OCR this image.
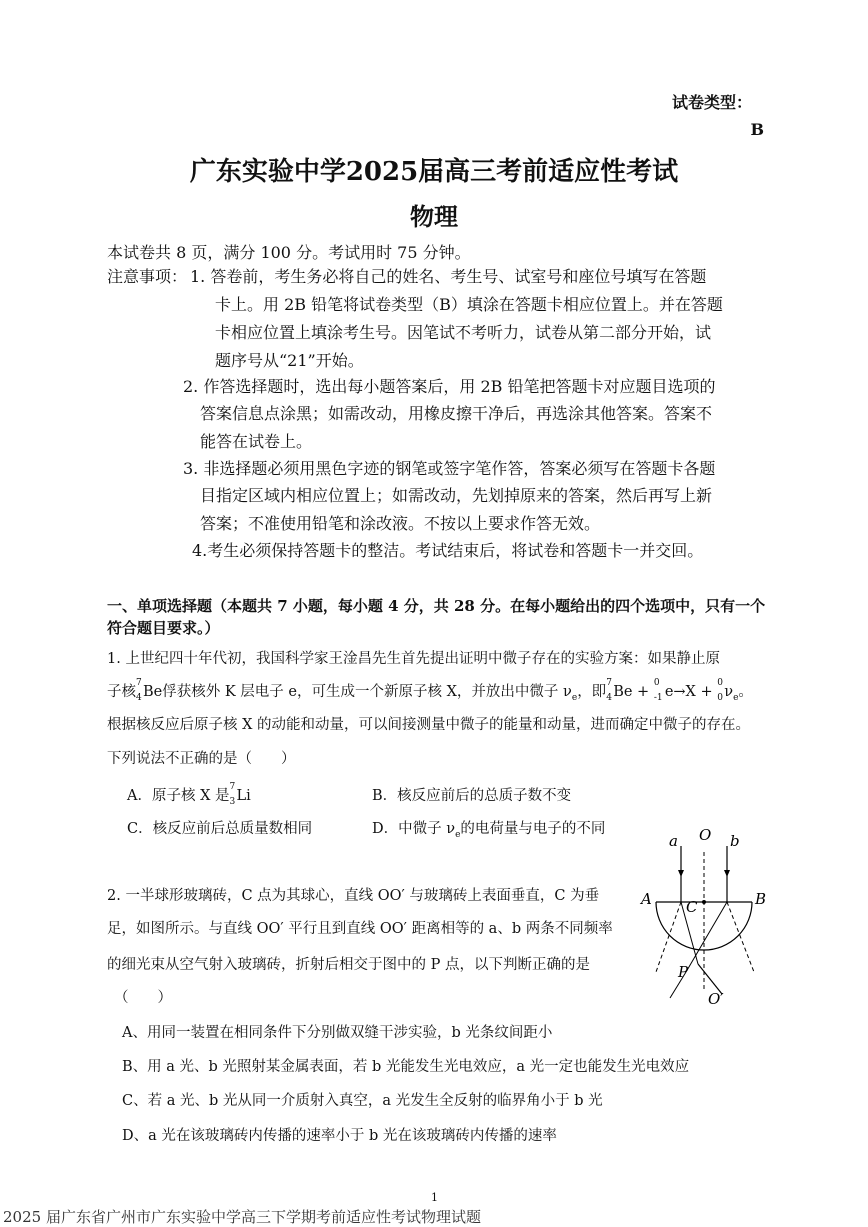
试卷类型：
B
广东实验中学2025届高三考前适应性考试
物理
本试卷共 8 页，满分 100 分。考试用时 75 分钟。
注意事项： 1. 答卷前，考生务必将自己的姓名、考生号、试室号和座位号填写在答题
卡上。用 2B 铅笔将试卷类型（B）填涂在答题卡相应位置上。并在答题
卡相应位置上填涂考生号。因笔试不考听力，试卷从第二部分开始，试
题序号从“21”开始。
2. 作答选择题时，选出每小题答案后，用 2B 铅笔把答题卡对应题目选项的
答案信息点涂黑；如需改动，用橡皮擦干净后，再选涂其他答案。答案不
能答在试卷上。
3. 非选择题必须用黑色字迹的钢笔或签字笔作答，答案必须写在答题卡各题
目指定区域内相应位置上；如需改动，先划掉原来的答案，然后再写上新
答案；不准使用铅笔和涂改液。不按以上要求作答无效。
4.考生必须保持答题卡的整洁。考试结束后，将试卷和答题卡一并交回。
一、单项选择题（本题共 7 小题，每小题 4 分，共 28 分。在每小题给出的四个选项中，只有一个
符合题目要求。）
1. 上世纪四十年代初，我国科学家王淦昌先生首先提出证明中微子存在的实验方案：如果静止原
子核
7
4 Be俘获核外 K 层电子 e，可生成一个新原子核 X，并放出中微子 $\nu_e$，即
7
4 Be +
0
-1 e→X +
0
0 $\nu_e$。
根据核反应后原子核 X 的动能和动量，可以间接测量中微子的能量和动量，进而确定中微子的存在。
下列说法不正确的是（　　）
A．原子核 X 是
7
3 Li	B．核反应前后的总质子数不变
C．核反应前后总质量数相同	D．中微子 $\nu_e$的电荷量与电子的不同
2. 一半球形玻璃砖，C 点为其球心，直线 OO′ 与玻璃砖上表面垂直，C 为垂
足，如图所示。与直线 OO′ 平行且到直线 OO′ 距离相等的 a、b 两条不同频率
的细光束从空气射入玻璃砖，折射后相交于图中的 P 点，以下判断正确的是
（　　）
A、用同一装置在相同条件下分别做双缝干涉实验，b 光条纹间距小
B、用 a 光、b 光照射某金属表面，若 b 光能发生光电效应，a 光一定也能发生光电效应
C、若 a 光、b 光从同一介质射入真空，a 光发生全反射的临界角小于 b 光
D、a 光在该玻璃砖内传播的速率小于 b 光在该玻璃砖内传播的速率
a O b
A	B
C
P
O′
1
2025 届广东省广州市广东实验中学高三下学期考前适应性考试物理试题
